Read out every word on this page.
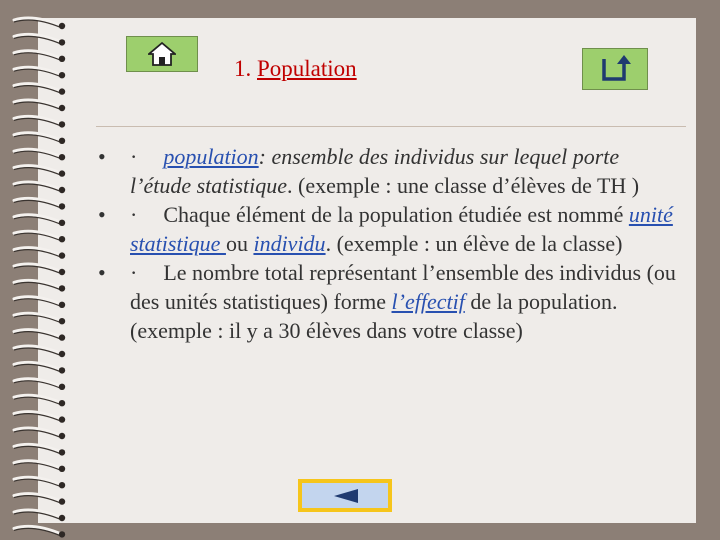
1. Population

• · population: ensemble des individus sur lequel porte l’étude statistique. (exemple : une classe d’élèves de TH )

• · Chaque élément de la population étudiée est nommé unité statistique ou individu. (exemple : un élève de la classe)

• · Le nombre total représentant l’ensemble des individus (ou des unités statistiques) forme l’effectif de la population. (exemple : il y a 30 élèves dans votre classe)
